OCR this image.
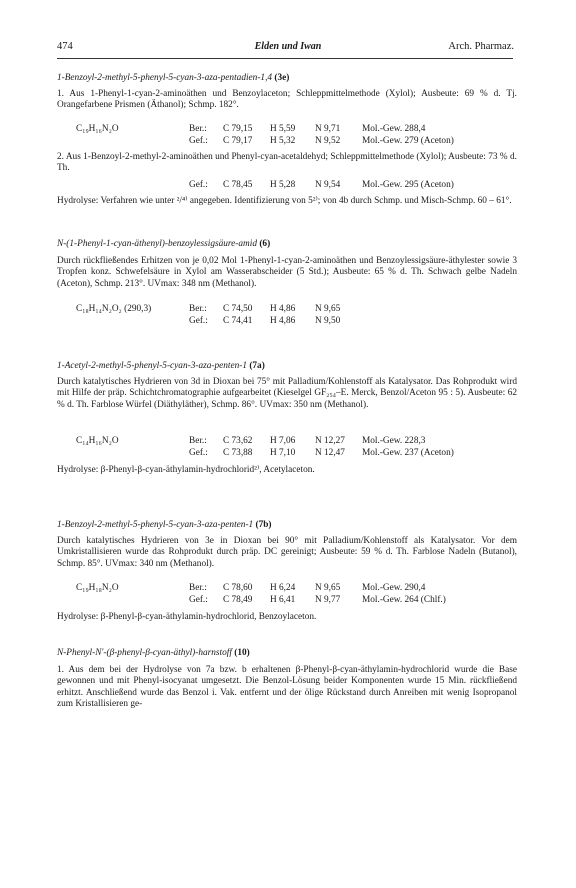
474	Elden und Iwan	Arch. Pharmaz.
1-Benzoyl-2-methyl-5-phenyl-5-cyan-3-aza-pentadien-1,4 (3e)

1. Aus 1-Phenyl-1-cyan-2-aminoäthen und Benzoylaceton; Schleppmittelmethode (Xylol); Ausbeute: 69 % d. Tj. Orangefarbene Prismen (Äthanol); Schmp. 182°.

C₁₉H₁₆N₂O	Ber.: C 79,15 H 5,59 N 9,71 Mol.-Gew. 288,4
Gef.: C 79,17 H 5,32 N 9,52 Mol.-Gew. 279 (Aceton)

2. Aus 1-Benzoyl-2-methyl-2-aminoäthen und Phenyl-cyan-acetaldehyd; Schleppmittelmethode (Xylol); Ausbeute: 73 % d. Th.

Gef.: C 78,45 H 5,28 N 9,54 Mol.-Gew. 295 (Aceton)

Hydrolyse: Verfahren wie unter ²/⁴⁾ angegeben. Identifizierung von 5²⁾; von 4b durch Schmp. und Misch-Schmp. 60 – 61°.

N-(1-Phenyl-1-cyan-äthenyl)-benzoylessigsäure-amid (6)

Durch rückfließendes Erhitzen von je 0,02 Mol 1-Phenyl-1-cyan-2-aminoäthen und Benzoylessigsäure-äthylester sowie 3 Tropfen konz. Schwefelsäure in Xylol am Wasserabscheider (5 Std.); Ausbeute: 65 % d. Th. Schwach gelbe Nadeln (Aceton), Schmp. 213°. UVmax: 348 nm (Methanol).

C₁₈H₁₄N₂O₂ (290,3)	Ber.: C 74,50 H 4,86 N 9,65
Gef.: C 74,41 H 4,86 N 9,50
1-Acetyl-2-methyl-5-phenyl-5-cyan-3-aza-penten-1 (7a)

Durch katalytisches Hydrieren von 3d in Dioxan bei 75° mit Palladium/Kohlenstoff als Katalysator. Das Rohprodukt wird mit Hilfe der präp. Schichtchromatographie aufgearbeitet (Kieselgel GF₂₅₄–E. Merck, Benzol/Aceton 95 : 5). Ausbeute: 62 % d. Th. Farblose Würfel (Diäthyläther), Schmp. 86°. UVmax: 350 nm (Methanol).

C₁₄H₁₆N₂O	Ber.: C 73,62 H 7,06 N 12,27 Mol.-Gew. 228,3
Gef.: C 73,88 H 7,10 N 12,47 Mol.-Gew. 237 (Aceton)

Hydrolyse: β-Phenyl-β-cyan-äthylamin-hydrochlorid²⁾, Acetylaceton.

1-Benzoyl-2-methyl-5-phenyl-5-cyan-3-aza-penten-1 (7b)

Durch katalytisches Hydrieren von 3e in Dioxan bei 90° mit Palladium/Kohlenstoff als Katalysator. Vor dem Umkristallisieren wurde das Rohprodukt durch präp. DC gereinigt; Ausbeute: 59 % d. Th. Farblose Nadeln (Butanol), Schmp. 85°. UVmax: 340 nm (Methanol).

C₁₉H₁₈N₂O	Ber.: C 78,60 H 6,24 N 9,65 Mol.-Gew. 290,4
Gef.: C 78,49 H 6,41 N 9,77 Mol.-Gew. 264 (Chlf.)

Hydrolyse: β-Phenyl-β-cyan-äthylamin-hydrochlorid, Benzoylaceton.

N-Phenyl-N'-(β-phenyl-β-cyan-äthyl)-harnstoff (10)

1. Aus dem bei der Hydrolyse von 7a bzw. b erhaltenen β-Phenyl-β-cyan-äthylamin-hydrochlorid wurde die Base gewonnen und mit Phenyl-isocyanat umgesetzt. Die Benzol-Lösung beider Komponenten wurde 15 Min. rückfließend erhitzt. Anschließend wurde das Benzol i. Vak. entfernt und der ölige Rückstand durch Anreiben mit wenig Isopropanol zum Kristallisieren ge-
